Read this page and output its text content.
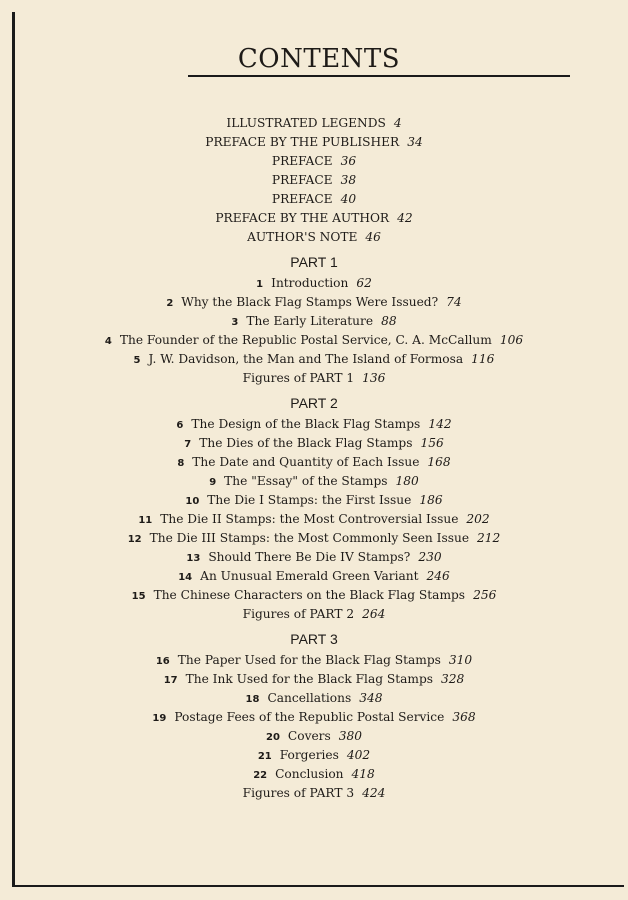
CONTENTS
ILLUSTRATED LEGENDS 4
PREFACE BY THE PUBLISHER 34
PREFACE 36
PREFACE 38
PREFACE 40
PREFACE BY THE AUTHOR 42
AUTHOR'S NOTE 46
PART 1
1 Introduction 62
2 Why the Black Flag Stamps Were Issued? 74
3 The Early Literature 88
4 The Founder of the Republic Postal Service, C. A. McCallum 106
5 J. W. Davidson, the Man and The Island of Formosa 116
Figures of PART 1 136
PART 2
6 The Design of the Black Flag Stamps 142
7 The Dies of the Black Flag Stamps 156
8 The Date and Quantity of Each Issue 168
9 The "Essay" of the Stamps 180
10 The Die I Stamps: the First Issue 186
11 The Die II Stamps: the Most Controversial Issue 202
12 The Die III Stamps: the Most Commonly Seen Issue 212
13 Should There Be Die IV Stamps? 230
14 An Unusual Emerald Green Variant 246
15 The Chinese Characters on the Black Flag Stamps 256
Figures of PART 2 264
PART 3
16 The Paper Used for the Black Flag Stamps 310
17 The Ink Used for the Black Flag Stamps 328
18 Cancellations 348
19 Postage Fees of the Republic Postal Service 368
20 Covers 380
21 Forgeries 402
22 Conclusion 418
Figures of PART 3 424
